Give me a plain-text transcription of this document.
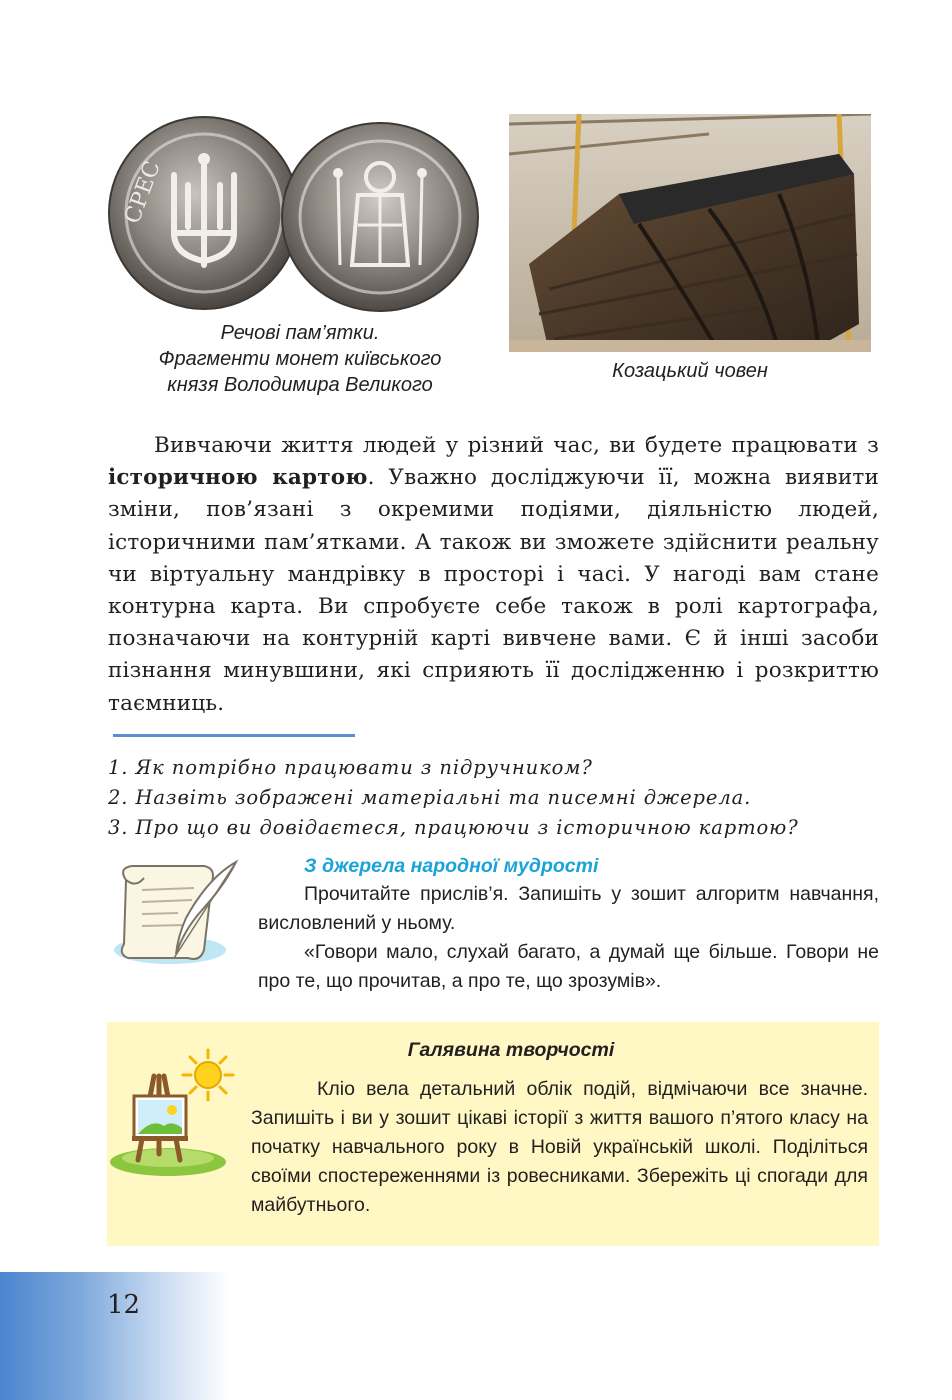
СРЕС
Речові пам’ятки.
Фрагменти монет київського
князя Володимира Великого
Козацький човен
Вивчаючи життя людей у різний час, ви будете працювати з історичною картою. Уважно досліджуючи її, можна виявити зміни, пов’язані з окремими подіями, діяльністю людей, історичними пам’ятками. А також ви зможете здійснити реальну чи віртуальну мандрівку в просторі і часі. У нагоді вам стане контурна карта. Ви спробуєте себе також в ролі картографа, позначаючи на контурній карті вивчене вами. Є й інші засоби пізнання минувшини, які сприяють її дослідженню і розкриттю таємниць.
1. Як потрібно працювати з підручником?
2. Назвіть зображені матеріальні та писемні джерела.
3. Про що ви довідаєтеся, працюючи з історичною картою?
З джерела народної мудрості

Прочитайте прислів’я. Запишіть у зошит алгоритм навчання, висловлений у ньому.

«Говори мало, слухай багато, а думай ще більше. Говори не про те, що прочитав, а про те, що зрозумів».

Галявина творчості

Кліо вела детальний облік подій, відмічаючи все значне. Запишіть і ви у зошит цікаві історії з життя вашого п’ятого класу на початку навчального року в Новій українській школі. Поділіться своїми спостереженнями із ровесниками. Збережіть ці спогади для майбутнього.

12
